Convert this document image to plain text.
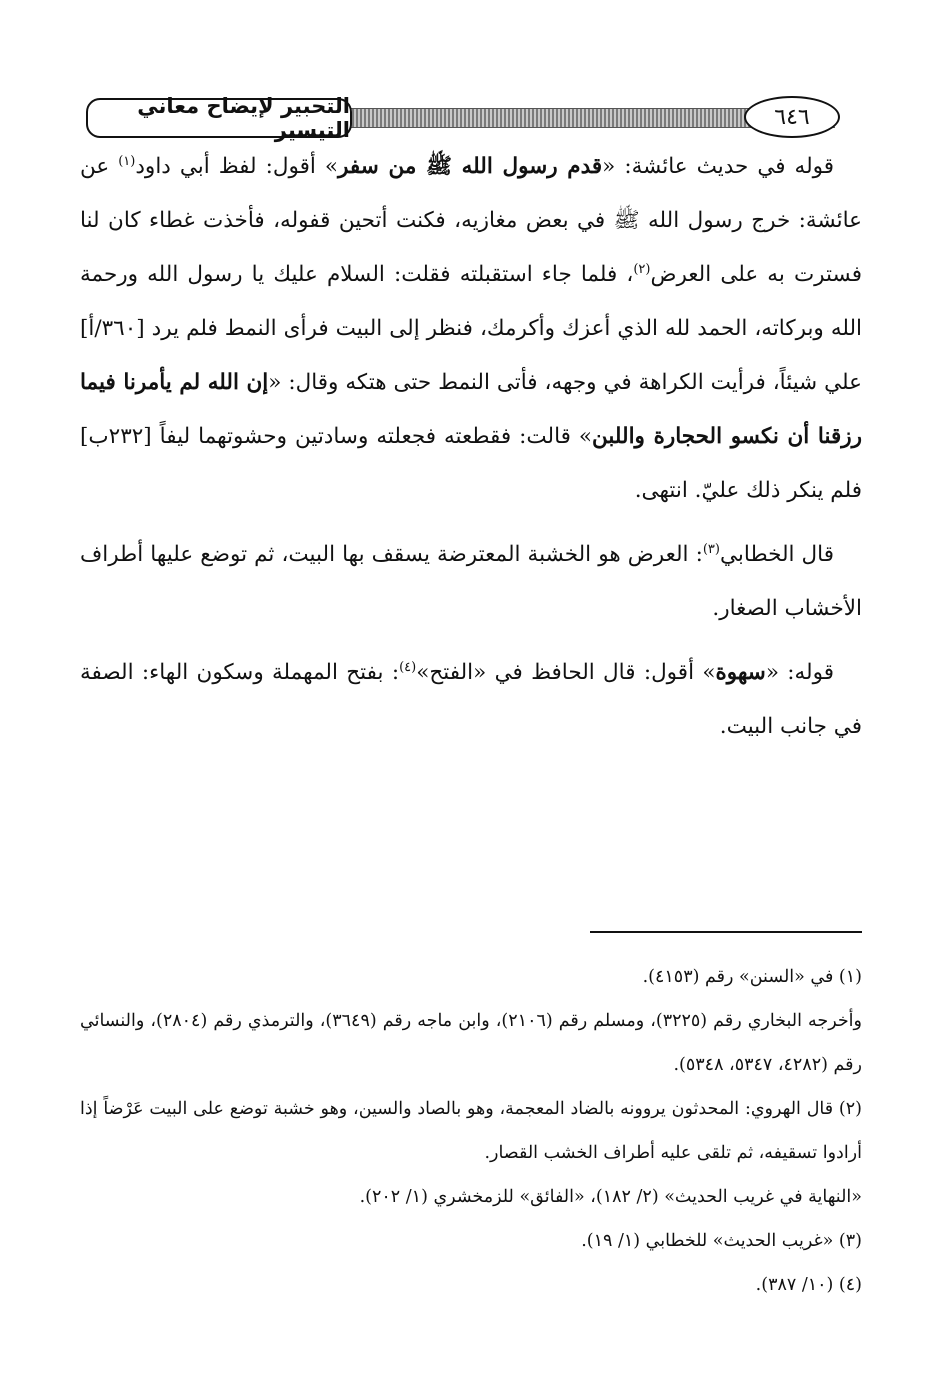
التحبير لإيضاح معاني التيسير
٦٤٦

قوله في حديث عائشة: «قدم رسول الله ﷺ من سفر» أقول: لفظ أبي داود$^{(١)}$ عن عائشة: خرج رسول الله ﷺ في بعض مغازيه، فكنت أتحين قفوله، فأخذت غطاء كان لنا فسترت به على العرض$^{(٢)}$، فلما جاء استقبلته فقلت: السلام عليك يا رسول الله ورحمة الله وبركاته، الحمد لله الذي أعزك وأكرمك، فنظر إلى البيت فرأى النمط فلم يرد [٣٦٠/أ] علي شيئاً، فرأيت الكراهة في وجهه، فأتى النمط حتى هتكه وقال: «إن الله لم يأمرنا فيما رزقنا أن نكسو الحجارة واللبن» قالت: فقطعته فجعلته وسادتين وحشوتهما ليفاً [٢٣٢ب] فلم ينكر ذلك عليّ. انتهى.

قال الخطابي$^{(٣)}$: العرض هو الخشبة المعترضة يسقف بها البيت، ثم توضع عليها أطراف الأخشاب الصغار.

قوله: «سهوة» أقول: قال الحافظ في «الفتح»$^{(٤)}$: بفتح المهملة وسكون الهاء: الصفة في جانب البيت.

(١) في «السنن» رقم (٤١٥٣).

وأخرجه البخاري رقم (٣٢٢٥)، ومسلم رقم (٢١٠٦)، وابن ماجه رقم (٣٦٤٩)، والترمذي رقم (٢٨٠٤)، والنسائي رقم (٤٢٨٢، ٥٣٤٧، ٥٣٤٨).

(٢) قال الهروي: المحدثون يروونه بالضاد المعجمة، وهو بالصاد والسين، وهو خشبة توضع على البيت عَرْضاً إذا أرادوا تسقيفه، ثم تلقى عليه أطراف الخشب القصار.

«النهاية في غريب الحديث» (٢/ ١٨٢)، «الفائق» للزمخشري (١/ ٢٠٢).

(٣) «غريب الحديث» للخطابي (١/ ١٩).

(٤) (١٠/ ٣٨٧).
